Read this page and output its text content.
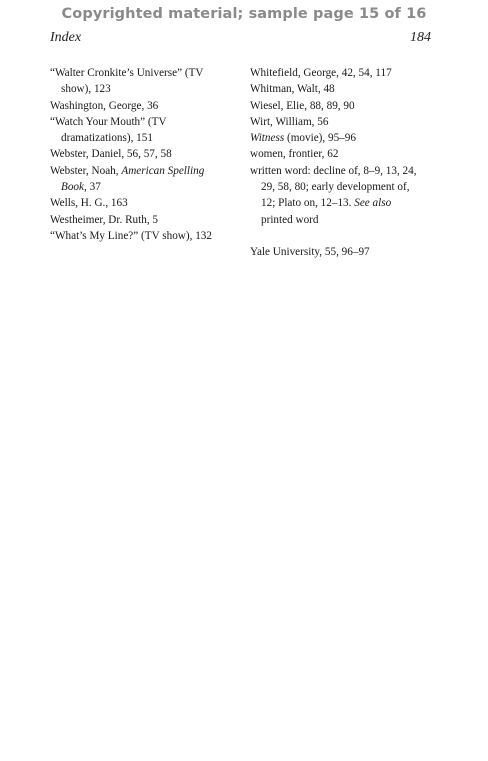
Copyrighted material; sample page 15 of 16
Index	184

“Walter Cronkite’s Universe” (TV
show), 123

Washington, George, 36

“Watch Your Mouth” (TV
dramatizations), 151

Webster, Daniel, 56, 57, 58

Webster, Noah, American Spelling
Book, 37

Wells, H. G., 163

Westheimer, Dr. Ruth, 5

“What’s My Line?” (TV show), 132

Whitefield, George, 42, 54, 117

Whitman, Walt, 48

Wiesel, Elie, 88, 89, 90

Wirt, William, 56

Witness (movie), 95–96

women, frontier, 62

written word: decline of, 8–9, 13, 24,
29, 58, 80; early development of,
12; Plato on, 12–13. See also
printed word

Yale University, 55, 96–97
